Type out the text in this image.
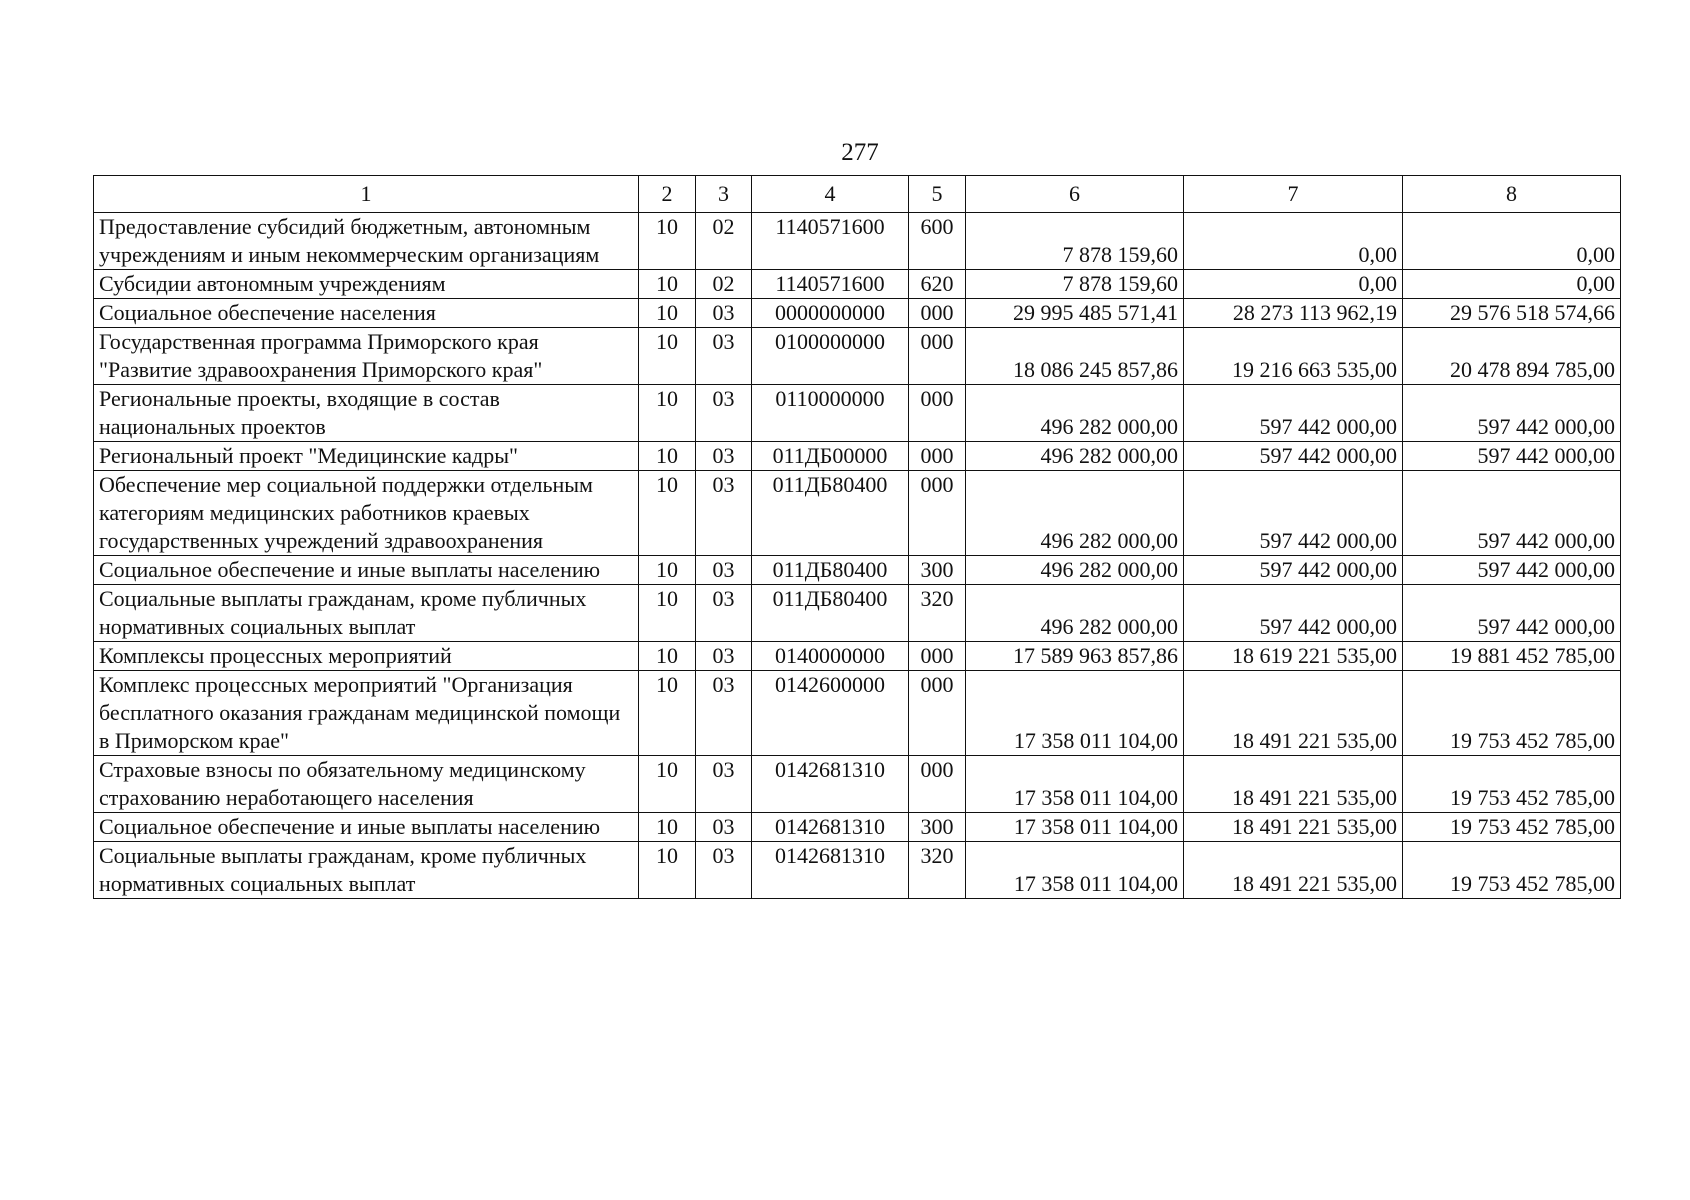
277
1	2	3	4	5	6	7	8
Предоставление субсидий бюджетным, автономным учреждениям и иным некоммерческим организациям	10	02	1140571600	600	7 878 159,60	0,00	0,00
Субсидии автономным учреждениям	10	02	1140571600	620	7 878 159,60	0,00	0,00
Социальное обеспечение населения	10	03	0000000000	000	29 995 485 571,41	28 273 113 962,19	29 576 518 574,66
Государственная программа Приморского края "Развитие здравоохранения Приморского края"	10	03	0100000000	000	18 086 245 857,86	19 216 663 535,00	20 478 894 785,00
Региональные проекты, входящие в состав национальных проектов	10	03	0110000000	000	496 282 000,00	597 442 000,00	597 442 000,00
Региональный проект "Медицинские кадры"	10	03	011ДБ00000	000	496 282 000,00	597 442 000,00	597 442 000,00
Обеспечение мер социальной поддержки отдельным категориям медицинских работников краевых государственных учреждений здравоохранения	10	03	011ДБ80400	000	496 282 000,00	597 442 000,00	597 442 000,00
Социальное обеспечение и иные выплаты населению	10	03	011ДБ80400	300	496 282 000,00	597 442 000,00	597 442 000,00
Социальные выплаты гражданам, кроме публичных нормативных социальных выплат	10	03	011ДБ80400	320	496 282 000,00	597 442 000,00	597 442 000,00
Комплексы процессных мероприятий	10	03	0140000000	000	17 589 963 857,86	18 619 221 535,00	19 881 452 785,00
Комплекс процессных мероприятий "Организация бесплатного оказания гражданам медицинской помощи в Приморском крае"	10	03	0142600000	000	17 358 011 104,00	18 491 221 535,00	19 753 452 785,00
Страховые взносы по обязательному медицинскому страхованию неработающего населения	10	03	0142681310	000	17 358 011 104,00	18 491 221 535,00	19 753 452 785,00
Социальное обеспечение и иные выплаты населению	10	03	0142681310	300	17 358 011 104,00	18 491 221 535,00	19 753 452 785,00
Социальные выплаты гражданам, кроме публичных нормативных социальных выплат	10	03	0142681310	320	17 358 011 104,00	18 491 221 535,00	19 753 452 785,00
